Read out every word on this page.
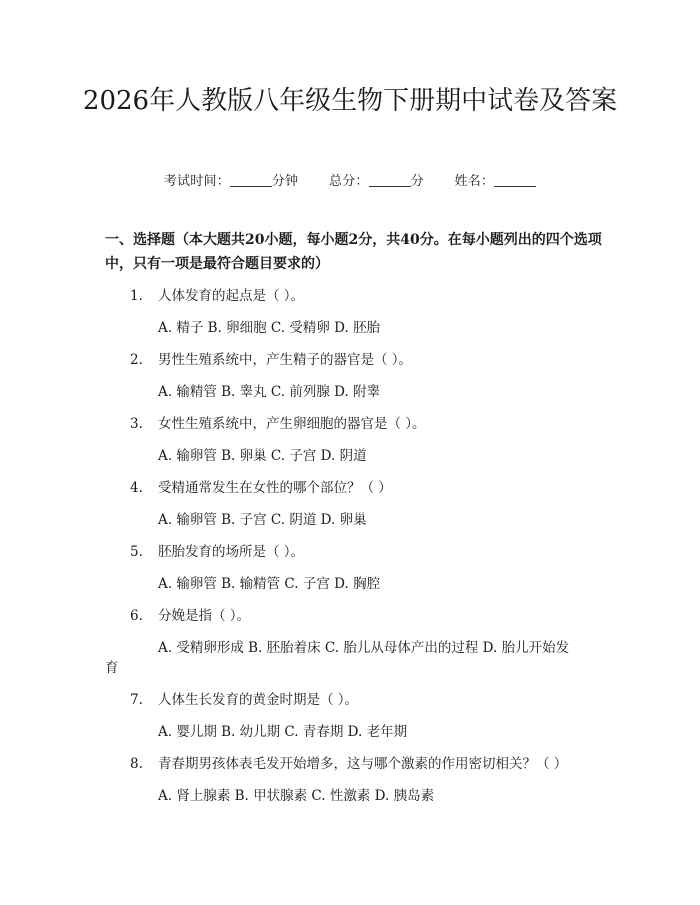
2026年人教版八年级生物下册期中试卷及答案
考试时间：	分钟 总分：	分 姓名：
一、选择题（本大题共20小题，每小题2分，共40分。在每小题列出的四个选项中，只有一项是最符合题目要求的）
1. 人体发育的起点是（ ）。
A. 精子 B. 卵细胞 C. 受精卵 D. 胚胎
2. 男性生殖系统中，产生精子的器官是（ ）。
A. 输精管 B. 睾丸 C. 前列腺 D. 附睾
3. 女性生殖系统中，产生卵细胞的器官是（ ）。
A. 输卵管 B. 卵巢 C. 子宫 D. 阴道
4. 受精通常发生在女性的哪个部位？（ ）
A. 输卵管 B. 子宫 C. 阴道 D. 卵巢
5. 胚胎发育的场所是（ ）。
A. 输卵管 B. 输精管 C. 子宫 D. 胸腔
6. 分娩是指（ ）。
A. 受精卵形成 B. 胚胎着床 C. 胎儿从母体产出的过程 D. 胎儿开始发
育
7. 人体生长发育的黄金时期是（ ）。
A. 婴儿期 B. 幼儿期 C. 青春期 D. 老年期
8. 青春期男孩体表毛发开始增多，这与哪个激素的作用密切相关？（ ）
A. 肾上腺素 B. 甲状腺素 C. 性激素 D. 胰岛素
